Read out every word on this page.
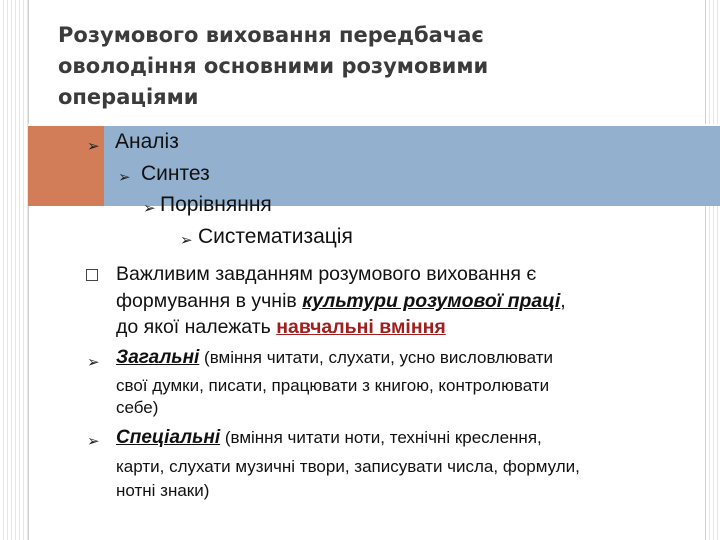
Розумового виховання передбачає
оволодіння основними розумовими
операціями
➢ Аналіз
➢ Синтез
➢ Порівняння
➢ Систематизація
Важливим завданням розумового виховання є
формування в учнів культури розумової праці,
до якої належать навчальні вміння
➢ Загальні (вміння читати, слухати, усно висловлювати
свої думки, писати, працювати з книгою, контролювати
себе)
➢ Спеціальні (вміння читати ноти, технічні креслення,
карти, слухати музичні твори, записувати числа, формули,
нотні знаки)
